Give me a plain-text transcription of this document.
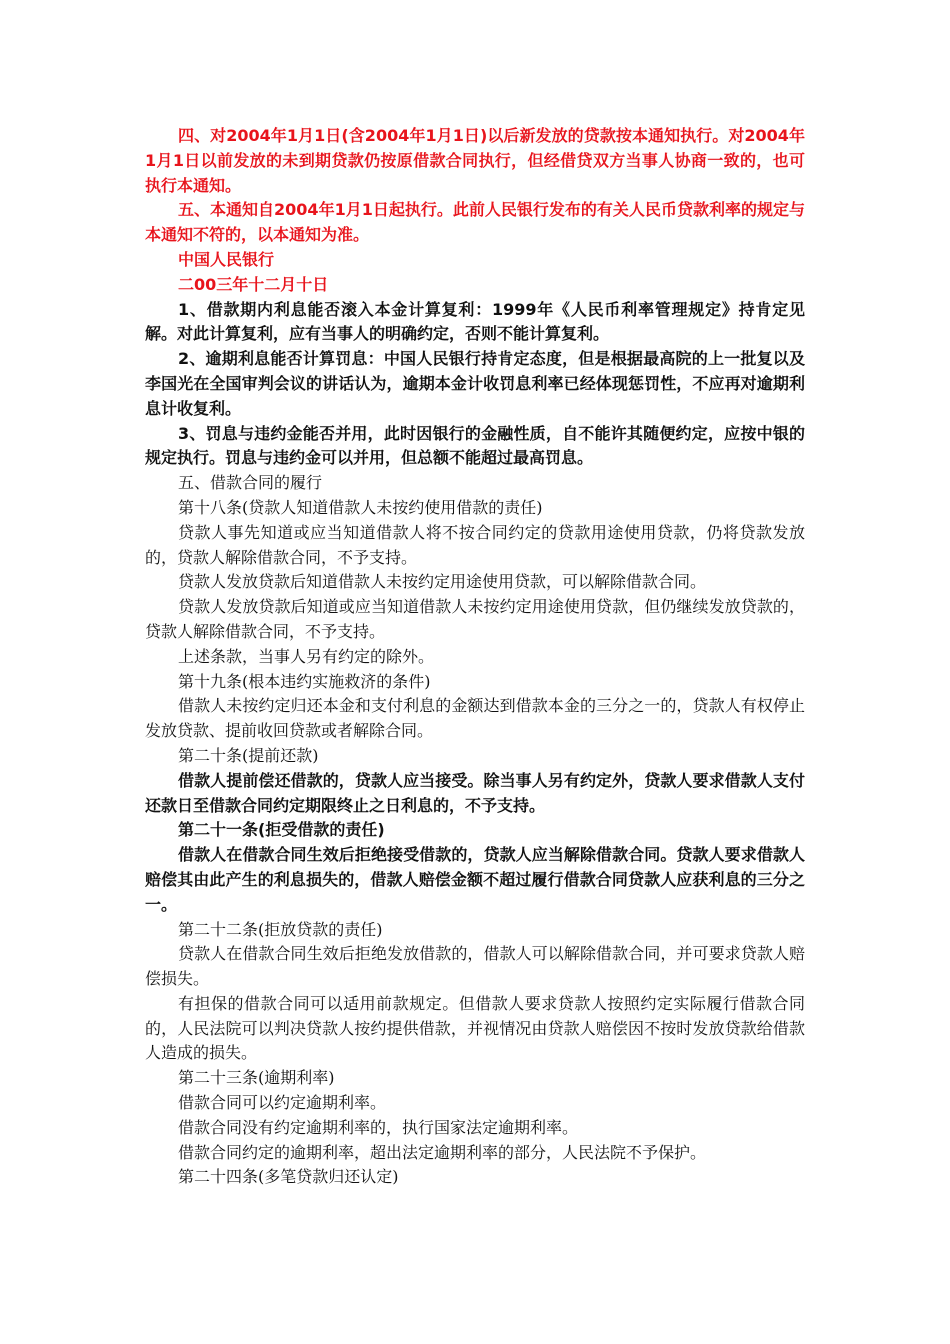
四、对2004年1月1日(含2004年1月1日)以后新发放的贷款按本通知执行。对2004年1月1日以前发放的未到期贷款仍按原借款合同执行，但经借贷双方当事人协商一致的，也可执行本通知。

五、本通知自2004年1月1日起执行。此前人民银行发布的有关人民币贷款利率的规定与本通知不符的，以本通知为准。

中国人民银行

二00三年十二月十日

1、借款期内利息能否滚入本金计算复利：1999年《人民币利率管理规定》持肯定见解。对此计算复利，应有当事人的明确约定，否则不能计算复利。

2、逾期利息能否计算罚息：中国人民银行持肯定态度，但是根据最高院的上一批复以及李国光在全国审判会议的讲话认为，逾期本金计收罚息利率已经体现惩罚性，不应再对逾期利息计收复利。

3、罚息与违约金能否并用，此时因银行的金融性质，自不能许其随便约定，应按中银的规定执行。罚息与违约金可以并用，但总额不能超过最高罚息。

五、借款合同的履行

第十八条(贷款人知道借款人未按约使用借款的责任)

贷款人事先知道或应当知道借款人将不按合同约定的贷款用途使用贷款，仍将贷款发放的，贷款人解除借款合同，不予支持。

贷款人发放贷款后知道借款人未按约定用途使用贷款，可以解除借款合同。

贷款人发放贷款后知道或应当知道借款人未按约定用途使用贷款，但仍继续发放贷款的，贷款人解除借款合同，不予支持。

上述条款，当事人另有约定的除外。

第十九条(根本违约实施救济的条件)

借款人未按约定归还本金和支付利息的金额达到借款本金的三分之一的，贷款人有权停止发放贷款、提前收回贷款或者解除合同。

第二十条(提前还款)

借款人提前偿还借款的，贷款人应当接受。除当事人另有约定外，贷款人要求借款人支付还款日至借款合同约定期限终止之日利息的，不予支持。

第二十一条(拒受借款的责任)

借款人在借款合同生效后拒绝接受借款的，贷款人应当解除借款合同。贷款人要求借款人赔偿其由此产生的利息损失的，借款人赔偿金额不超过履行借款合同贷款人应获利息的三分之一。

第二十二条(拒放贷款的责任)

贷款人在借款合同生效后拒绝发放借款的，借款人可以解除借款合同，并可要求贷款人赔偿损失。

有担保的借款合同可以适用前款规定。但借款人要求贷款人按照约定实际履行借款合同的，人民法院可以判决贷款人按约提供借款，并视情况由贷款人赔偿因不按时发放贷款给借款人造成的损失。

第二十三条(逾期利率)

借款合同可以约定逾期利率。

借款合同没有约定逾期利率的，执行国家法定逾期利率。

借款合同约定的逾期利率，超出法定逾期利率的部分，人民法院不予保护。

第二十四条(多笔贷款归还认定)
